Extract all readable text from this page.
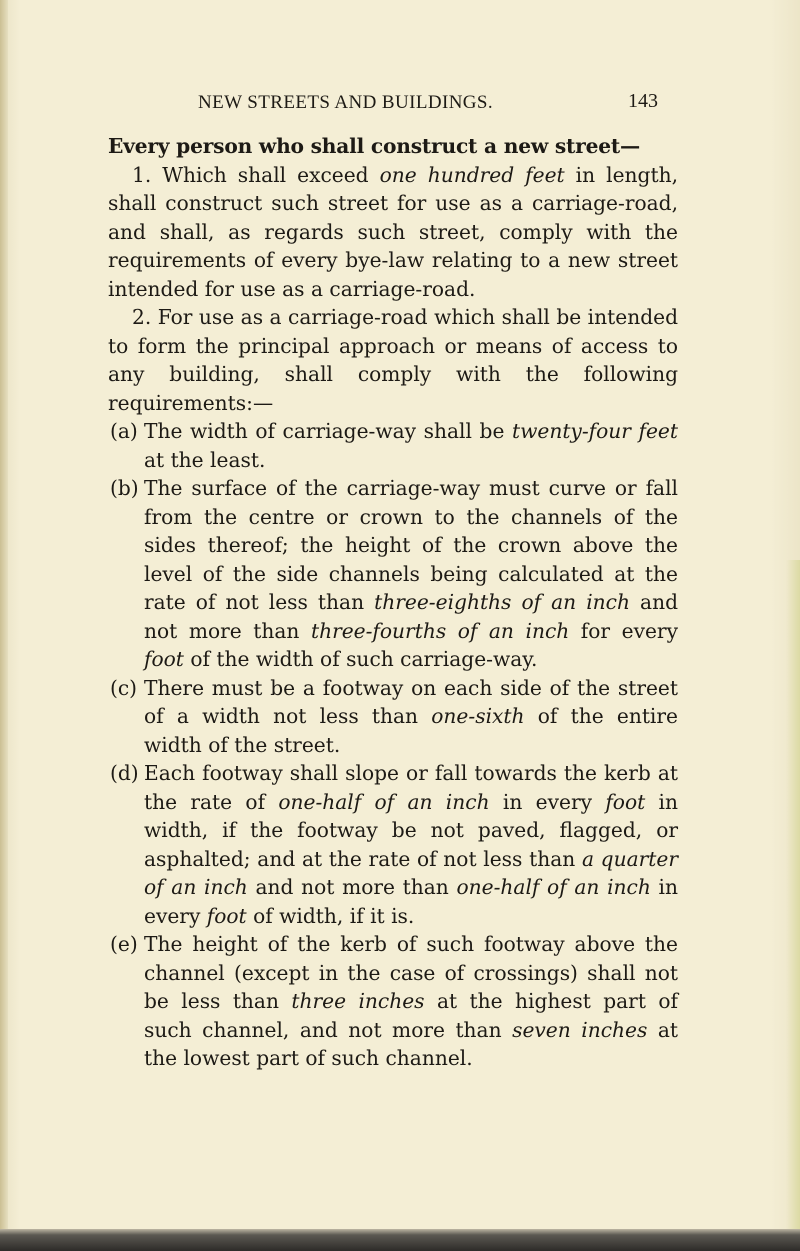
NEW STREETS AND BUILDINGS.	143

Every person who shall construct a new street—

1. Which shall exceed one hundred feet in length, shall construct such street for use as a carriage-road, and shall, as regards such street, comply with the requirements of every bye-law relating to a new street intended for use as a carriage-road.

2. For use as a carriage-road which shall be intended to form the principal approach or means of access to any building, shall comply with the following requirements:—

(a) The width of carriage-way shall be twenty-four feet at the least.
(b) The surface of the carriage-way must curve or fall from the centre or crown to the channels of the sides thereof; the height of the crown above the level of the side channels being calculated at the rate of not less than three-eighths of an inch and not more than three-fourths of an inch for every foot of the width of such carriage-way.
(c) There must be a footway on each side of the street of a width not less than one-sixth of the entire width of the street.
(d) Each footway shall slope or fall towards the kerb at the rate of one-half of an inch in every foot in width, if the footway be not paved, flagged, or asphalted; and at the rate of not less than a quarter of an inch and not more than one-half of an inch in every foot of width, if it is.
(e) The height of the kerb of such footway above the channel (except in the case of crossings) shall not be less than three inches at the highest part of such channel, and not more than seven inches at the lowest part of such channel.
